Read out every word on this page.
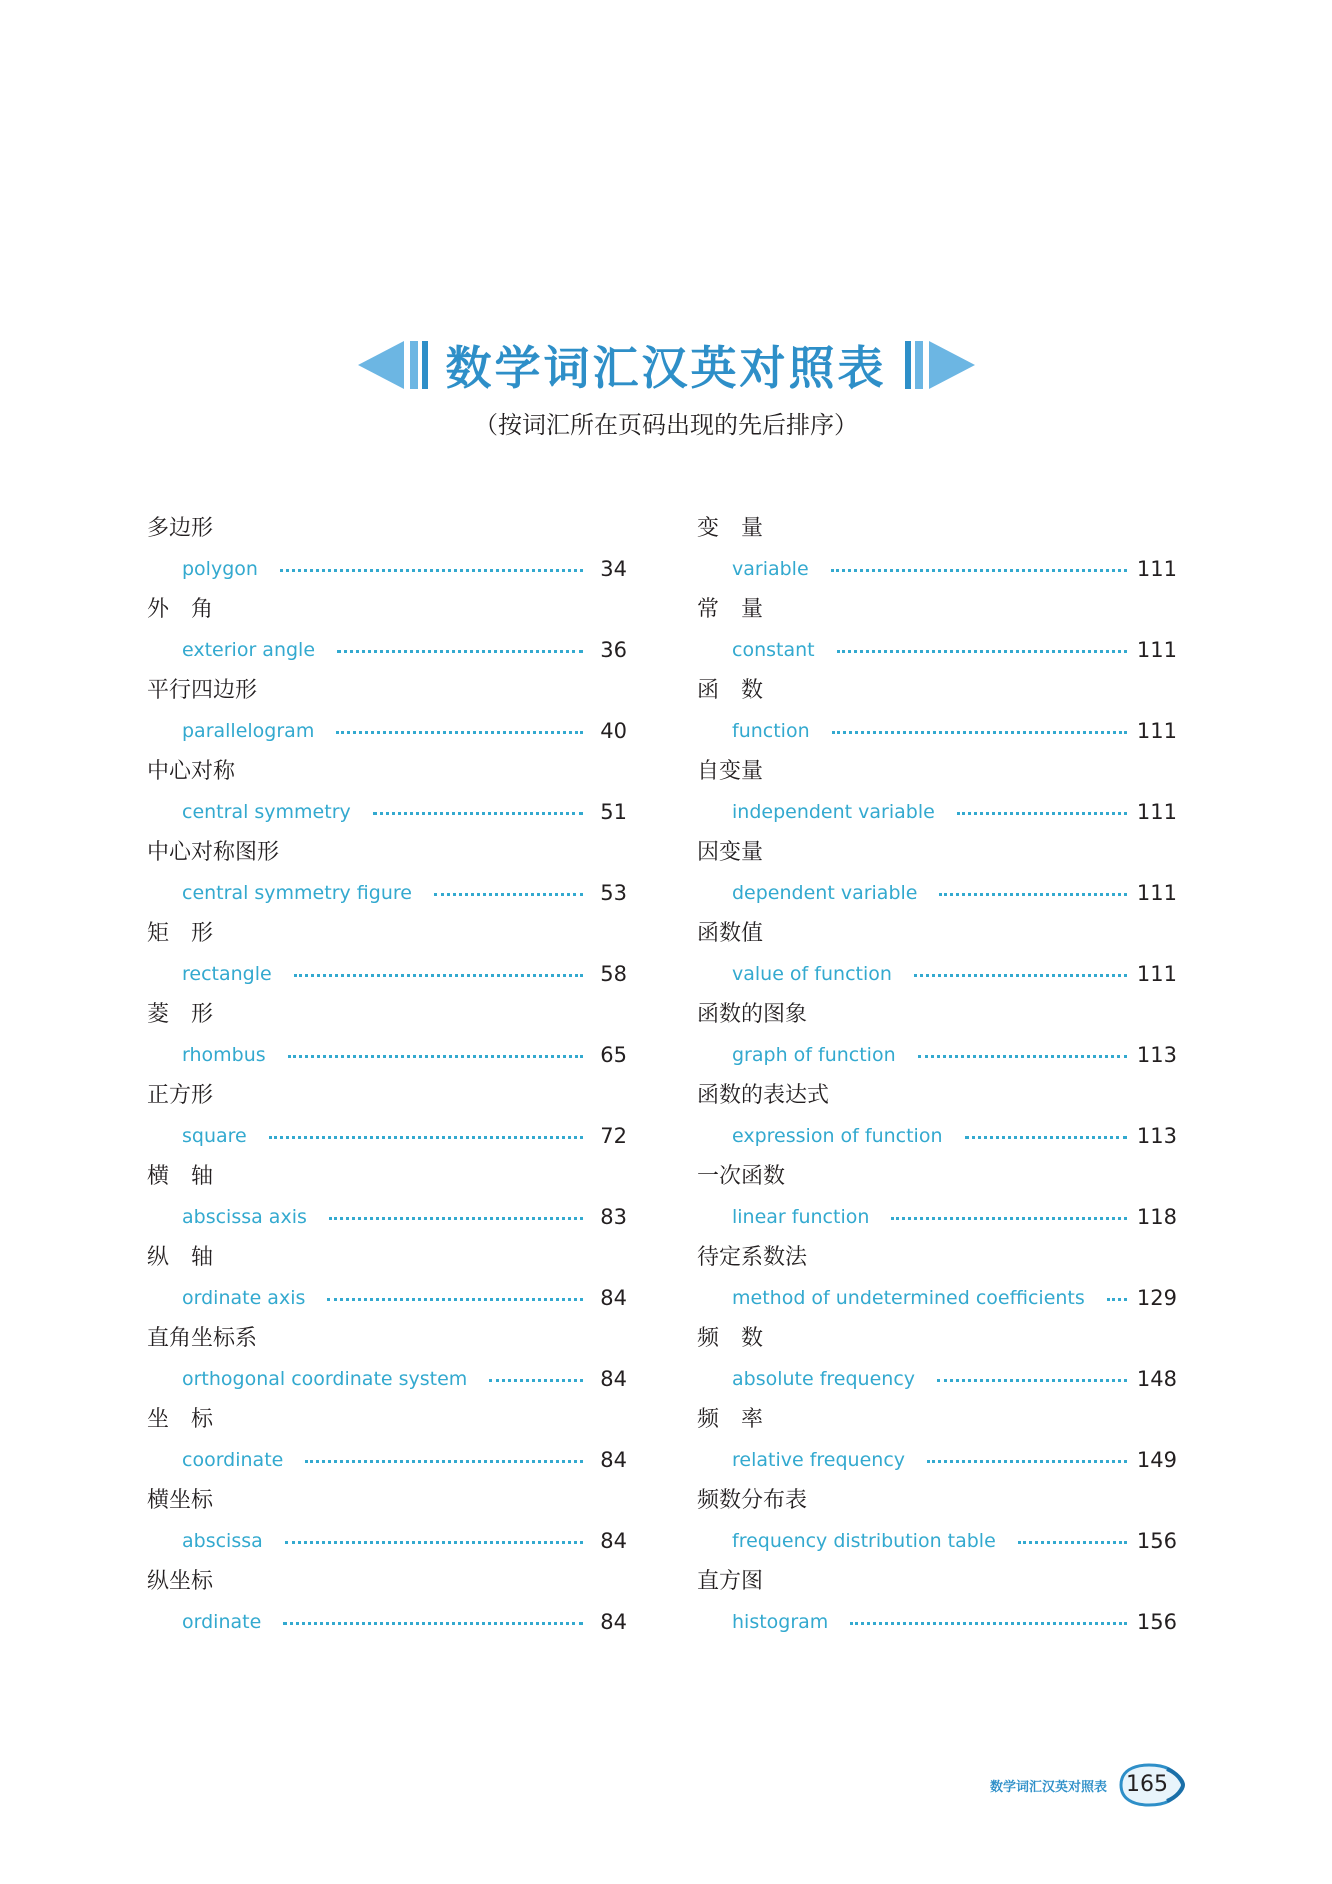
数学词汇汉英对照表
（按词汇所在页码出现的先后排序）
多边形
polygon	34
外　角
exterior angle	36
平行四边形
parallelogram	40
中心对称
central symmetry	51
中心对称图形
central symmetry figure	53
矩　形
rectangle	58
菱　形
rhombus	65
正方形
square	72
横　轴
abscissa axis	83
纵　轴
ordinate axis	84
直角坐标系
orthogonal coordinate system	84
坐　标
coordinate	84
横坐标
abscissa	84
纵坐标
ordinate	84
变　量
variable	111
常　量
constant	111
函　数
function	111
自变量
independent variable	111
因变量
dependent variable	111
函数值
value of function	111
函数的图象
graph of function	113
函数的表达式
expression of function	113
一次函数
linear function	118
待定系数法
method of undetermined coefficients 129
频　数
absolute frequency	148
频　率
relative frequency	149
频数分布表
frequency distribution table	156
直方图
histogram	156
数学词汇汉英对照表 165
